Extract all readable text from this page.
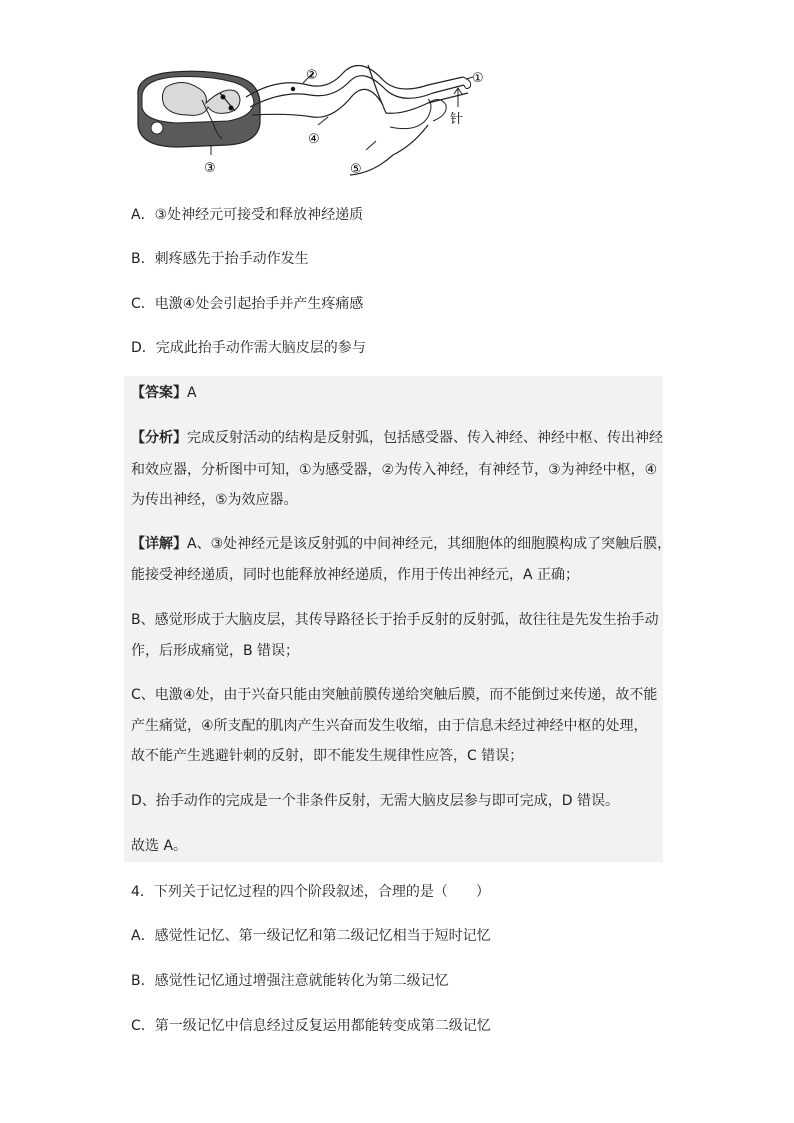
③
②
④
⑤
①
针
A．③处神经元可接受和释放神经递质
B．刺疼感先于抬手动作发生
C．电激④处会引起抬手并产生疼痛感
D．完成此抬手动作需大脑皮层的参与
【答案】A
【分析】完成反射活动的结构是反射弧，包括感受器、传入神经、神经中枢、传出神经
和效应器，分析图中可知，①为感受器，②为传入神经，有神经节，③为神经中枢，④
为传出神经，⑤为效应器。
【详解】A、③处神经元是该反射弧的中间神经元，其细胞体的细胞膜构成了突触后膜，
能接受神经递质，同时也能释放神经递质，作用于传出神经元，A 正确；
B、感觉形成于大脑皮层，其传导路径长于抬手反射的反射弧，故往往是先发生抬手动
作，后形成痛觉，B 错误；
C、电激④处，由于兴奋只能由突触前膜传递给突触后膜，而不能倒过来传递，故不能
产生痛觉，④所支配的肌肉产生兴奋而发生收缩，由于信息未经过神经中枢的处理，
故不能产生逃避针刺的反射，即不能发生规律性应答，C 错误；
D、抬手动作的完成是一个非条件反射，无需大脑皮层参与即可完成，D 错误。
故选 A。
4．下列关于记忆过程的四个阶段叙述，合理的是（　　）
A．感觉性记忆、第一级记忆和第二级记忆相当于短时记忆
B．感觉性记忆通过增强注意就能转化为第二级记忆
C．第一级记忆中信息经过反复运用都能转变成第二级记忆
